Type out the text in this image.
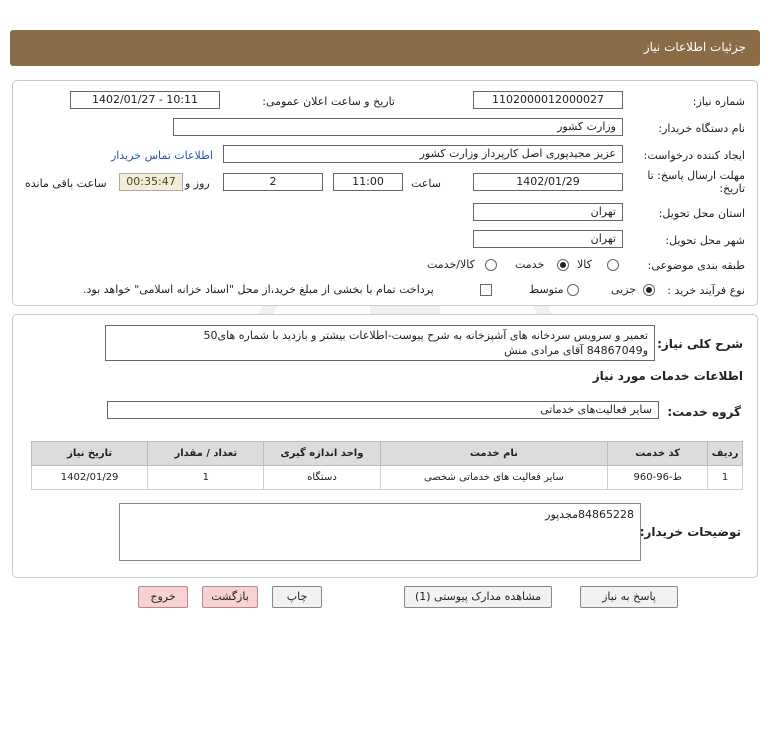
جزئیات اطلاعات نیاز
شماره نیاز:
1102000012000027
تاریخ و ساعت اعلان عمومی:
1402/01/27 - 10:11
نام دستگاه خریدار:
وزارت کشور
ایجاد کننده درخواست:
عزیز مجیدپوری اصل کارپرداز وزارت کشور
اطلاعات تماس خریدار
مهلت ارسال پاسخ: تا
تاریخ:
1402/01/29
ساعت
11:00
2
روز و
00:35:47
ساعت باقی مانده
استان محل تحویل:
تهران
شهر محل تحویل:
تهران
طبقه بندی موضوعی:
کالا
خدمت
کالا/خدمت
نوع فرآیند خرید :
جزیی
متوسط
پرداخت تمام یا بخشی از مبلغ خرید،از محل "اسناد خزانه اسلامی" خواهد بود.
شرح کلی نیاز:
تعمیر و سرویس سردخانه های آشپزخانه به شرح پیوست-اطلاعات بیشتر و بازدید با شماره های50
و84867049 آقای مرادی منش
اطلاعات خدمات مورد نیاز
گروه خدمت:
سایر فعالیت‌های خدماتی
ردیف	کد خدمت	نام خدمت	واحد اندازه گیری	تعداد / مقدار	تاریخ نیاز
1	ط-96-960	سایر فعالیت های خدماتی شخصی	دستگاه	1	1402/01/29
توضیحات خریدار:
84865228مجدپور
پاسخ به نیاز
مشاهده مدارک پیوستی (1)
چاپ
بازگشت
خروج
